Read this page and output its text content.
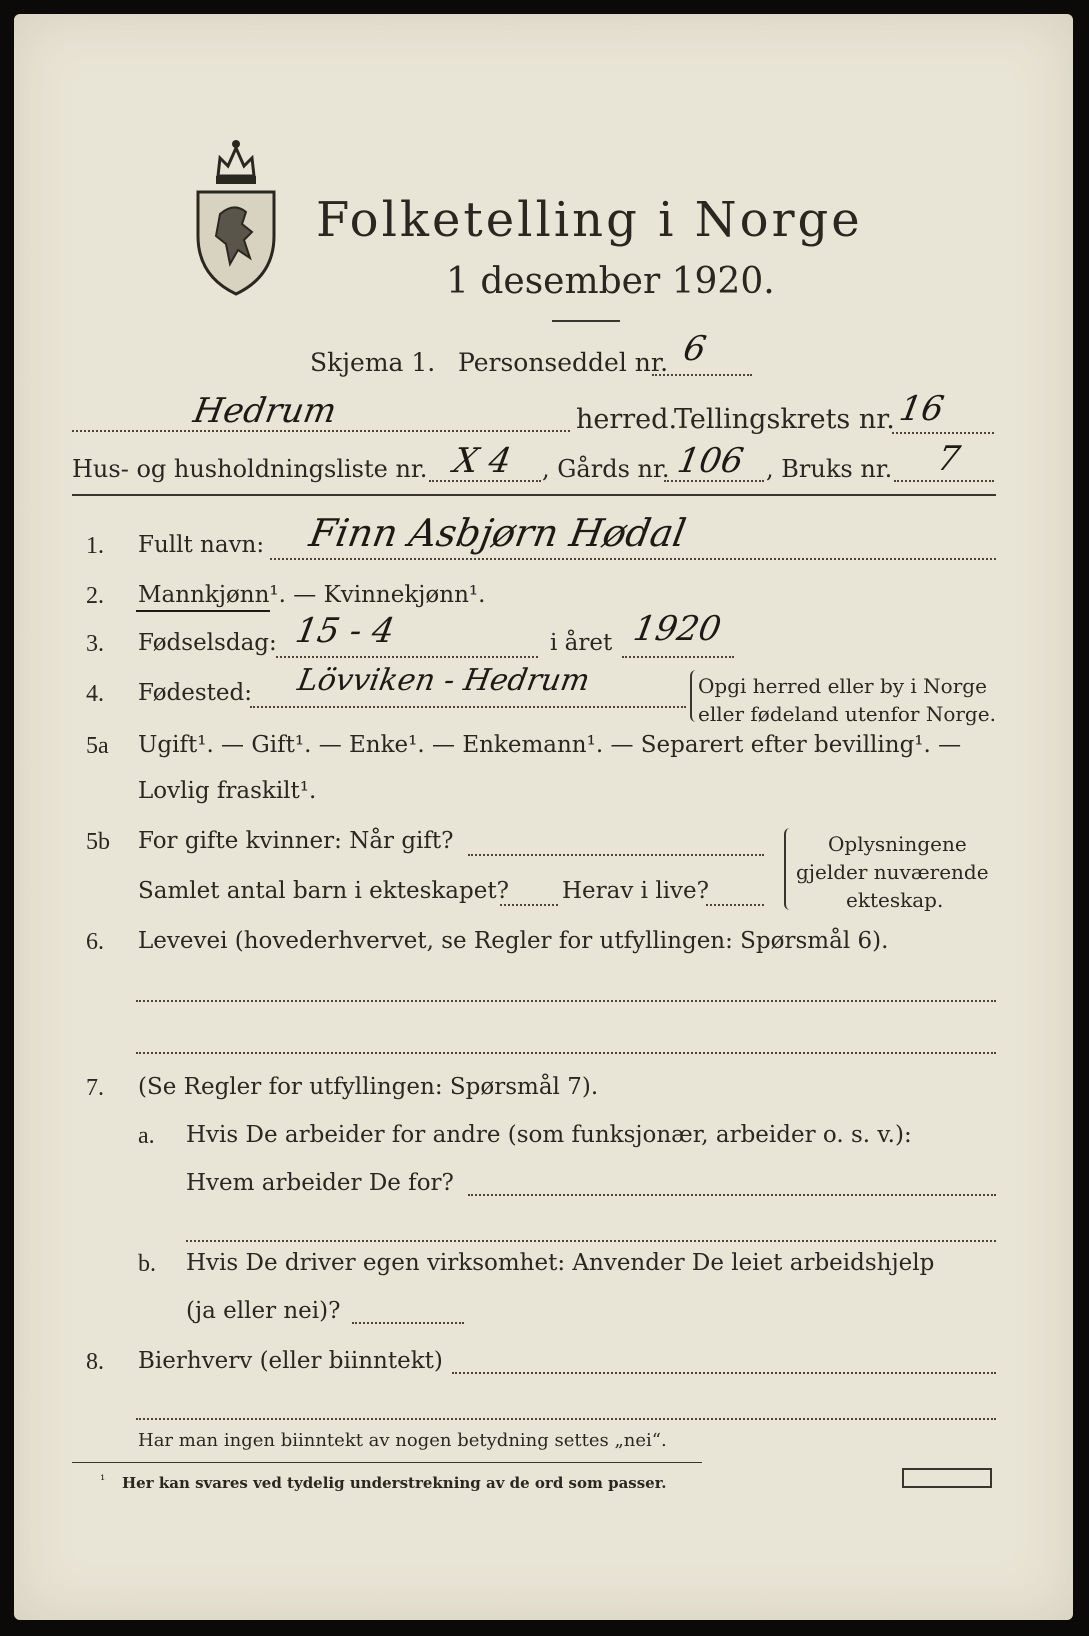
Folketelling i Norge
1 desember 1920.
Skjema 1. Personseddel nr. 6
Hedrum	herred.
Tellingskrets nr. 16
Hus- og husholdningsliste nr. X 4 , Gårds nr. 106 , Bruks nr. 7
1. Fullt navn: Finn Asbjørn Hødal
2. Mannkjønn¹. — Kvinnekjønn¹.
3. Fødselsdag: 15 - 4	i året 1920
4. Fødested: Lövviken - Hedrum	Opgi herred eller by i Norge
eller fødeland utenfor Norge.
5a Ugift¹. — Gift¹. — Enke¹. — Enkemann¹. — Separert efter bevilling¹. —
Lovlig fraskilt¹.
5b For gifte kvinner: Når gift?
Samlet antal barn i ekteskapet? Herav i live?
Oplysningene
gjelder nuværende
ekteskap.
6. Levevei (hovederhvervet, se Regler for utfyllingen: Spørsmål 6).
7. (Se Regler for utfyllingen: Spørsmål 7).
a. Hvis De arbeider for andre (som funksjonær, arbeider o. s. v.):
Hvem arbeider De for?
b. Hvis De driver egen virksomhet: Anvender De leiet arbeidshjelp
(ja eller nei)?
8. Bierhverv (eller biinntekt)
Har man ingen biinntekt av nogen betydning settes „nei“.
¹ Her kan svares ved tydelig understrekning av de ord som passer.
